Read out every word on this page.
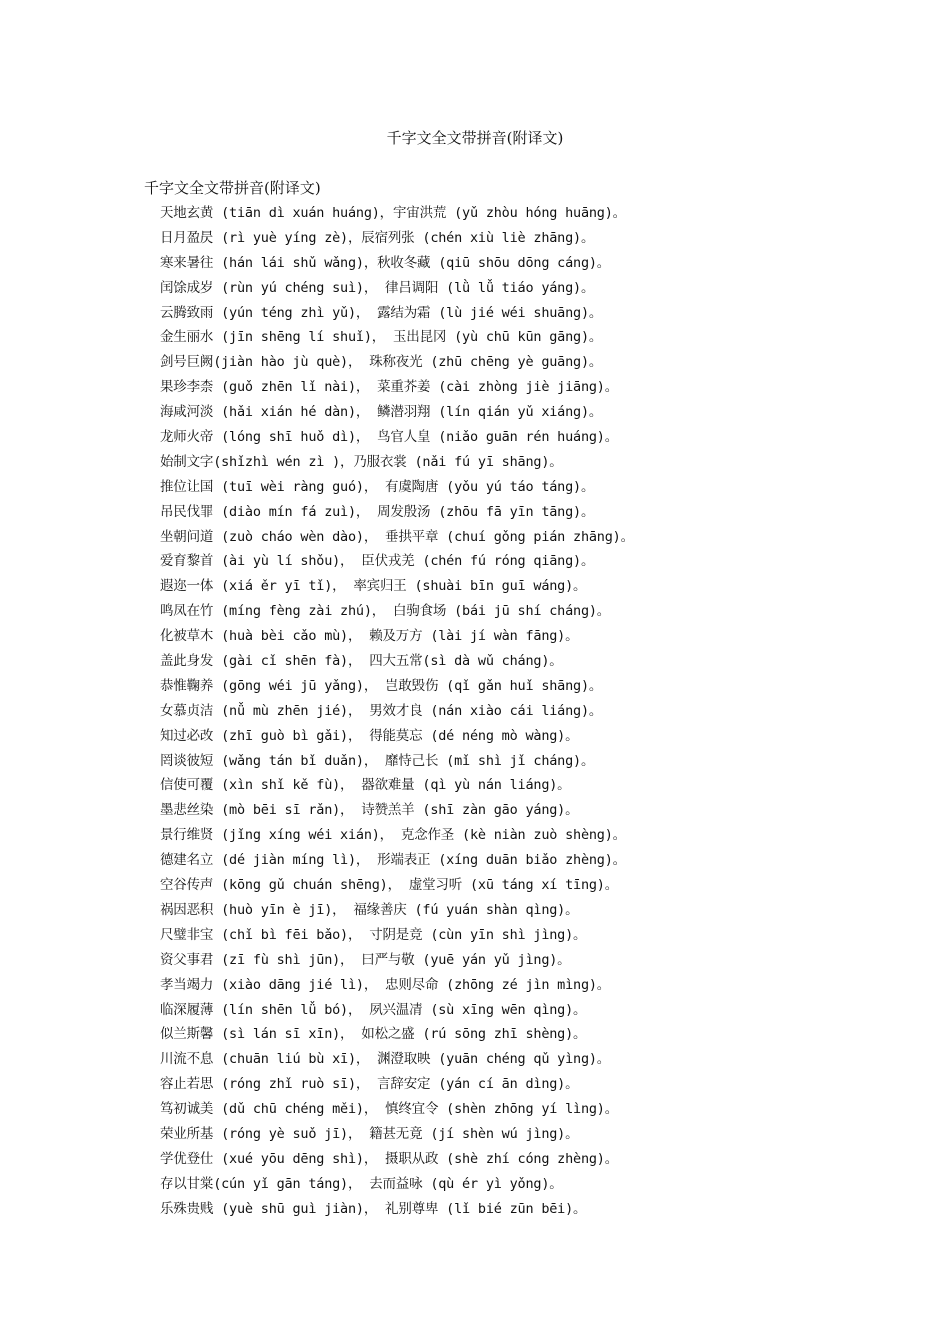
千字文全文带拼音(附译文)
千字文全文带拼音(附译文)
天地玄黄 (tiān dì xuán huáng)，宇宙洪荒 (yǔ zhòu hóng huāng)。
日月盈昃 (rì yuè yíng zè)，辰宿列张 (chén xiù liè zhāng)。
寒来暑往 (hán lái shǔ wǎng)，秋收冬藏 (qiū shōu dōng cáng)。
闰馀成岁 (rùn yú chéng suì)， 律吕调阳 (lǜ lǚ tiáo yáng)。
云腾致雨 (yún téng zhì yǔ)， 露结为霜 (lù jié wéi shuāng)。
金生丽水 (jīn shēng lí shuǐ)， 玉出昆冈 (yù chū kūn gāng)。
剑号巨阙(jiàn hào jù què)， 珠称夜光 (zhū chēng yè guāng)。
果珍李柰 (guǒ zhēn lǐ nài)， 菜重芥姜 (cài zhòng jiè jiāng)。
海咸河淡 (hǎi xián hé dàn)， 鳞潜羽翔 (lín qián yǔ xiáng)。
龙师火帝 (lóng shī huǒ dì)， 鸟官人皇 (niǎo guān rén huáng)。
始制文字(shǐzhì wén zì )，乃服衣裳 (nǎi fú yī shāng)。
推位让国 (tuī wèi ràng guó)， 有虞陶唐 (yǒu yú táo táng)。
吊民伐罪 (diào mín fá zuì)， 周发殷汤 (zhōu fā yīn tāng)。
坐朝问道 (zuò cháo wèn dào)， 垂拱平章 (chuí gǒng pián zhāng)。
爱育黎首 (ài yù lí shǒu)， 臣伏戎羌 (chén fú róng qiāng)。
遐迩一体 (xiá ěr yī tǐ)， 率宾归王 (shuài bīn guī wáng)。
鸣凤在竹 (míng fèng zài zhú)， 白驹食场 (bái jū shí cháng)。
化被草木 (huà bèi cǎo mù)， 赖及万方 (lài jí wàn fāng)。
盖此身发 (gài cǐ shēn fà)， 四大五常(sì dà wǔ cháng)。
恭惟鞠养 (gōng wéi jū yǎng)， 岂敢毁伤 (qǐ gǎn huǐ shāng)。
女慕贞洁 (nǚ mù zhēn jié)， 男效才良 (nán xiào cái liáng)。
知过必改 (zhī guò bì gǎi)， 得能莫忘 (dé néng mò wàng)。
罔谈彼短 (wǎng tán bǐ duǎn)， 靡恃己长 (mǐ shì jǐ cháng)。
信使可覆 (xìn shǐ kě fù)， 器欲难量 (qì yù nán liáng)。
墨悲丝染 (mò bēi sī rǎn)， 诗赞羔羊 (shī zàn gāo yáng)。
景行维贤 (jǐng xíng wéi xián)， 克念作圣 (kè niàn zuò shèng)。
德建名立 (dé jiàn míng lì)， 形端表正 (xíng duān biǎo zhèng)。
空谷传声 (kōng gǔ chuán shēng)， 虚堂习听 (xū táng xí tīng)。
祸因恶积 (huò yīn è jī)， 福缘善庆 (fú yuán shàn qìng)。
尺璧非宝 (chǐ bì fēi bǎo)， 寸阴是竞 (cùn yīn shì jìng)。
资父事君 (zī fù shì jūn)， 曰严与敬 (yuē yán yǔ jìng)。
孝当竭力 (xiào dāng jié lì)， 忠则尽命 (zhōng zé jìn mìng)。
临深履薄 (lín shēn lǚ bó)， 夙兴温凊 (sù xīng wēn qìng)。
似兰斯馨 (sì lán sī xīn)， 如松之盛 (rú sōng zhī shèng)。
川流不息 (chuān liú bù xī)， 渊澄取映 (yuān chéng qǔ yìng)。
容止若思 (róng zhǐ ruò sī)， 言辞安定 (yán cí ān dìng)。
笃初诚美 (dǔ chū chéng měi)， 慎终宜令 (shèn zhōng yí lìng)。
荣业所基 (róng yè suǒ jī)， 籍甚无竟 (jí shèn wú jìng)。
学优登仕 (xué yōu dēng shì)， 摄职从政 (shè zhí cóng zhèng)。
存以甘棠(cún yǐ gān táng)， 去而益咏 (qù ér yì yǒng)。
乐殊贵贱 (yuè shū guì jiàn)， 礼别尊卑 (lǐ bié zūn bēi)。
